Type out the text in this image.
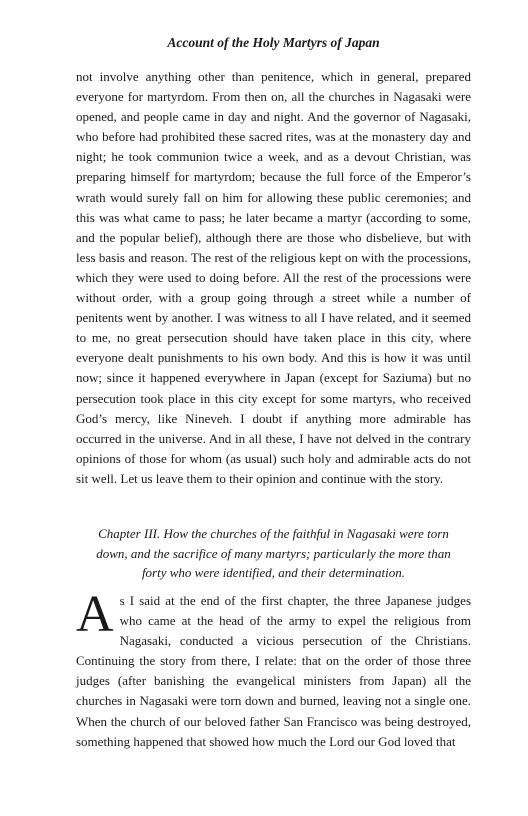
Account of the Holy Martyrs of Japan

not involve anything other than penitence, which in general, prepared everyone for martyrdom. From then on, all the churches in Nagasaki were opened, and people came in day and night. And the governor of Nagasaki, who before had prohibited these sacred rites, was at the monastery day and night; he took communion twice a week, and as a devout Christian, was preparing himself for martyrdom; because the full force of the Emperor’s wrath would surely fall on him for allowing these public ceremonies; and this was what came to pass; he later became a martyr (according to some, and the popular belief), although there are those who disbelieve, but with less basis and reason. The rest of the religious kept on with the processions, which they were used to doing before. All the rest of the processions were without order, with a group going through a street while a number of penitents went by another. I was witness to all I have related, and it seemed to me, no great persecution should have taken place in this city, where everyone dealt punishments to his own body. And this is how it was until now; since it happened everywhere in Japan (except for Saziuma) but no persecution took place in this city except for some martyrs, who received God’s mercy, like Nineveh. I doubt if anything more admirable has occurred in the universe. And in all these, I have not delved in the contrary opinions of those for whom (as usual) such holy and admirable acts do not sit well. Let us leave them to their opinion and continue with the story.

Chapter III. How the churches of the faithful in Nagasaki were torn down, and the sacrifice of many martyrs; particularly the more than forty who were identified, and their determination.

As I said at the end of the first chapter, the three Japanese judges who came at the head of the army to expel the religious from Nagasaki, conducted a vicious persecution of the Christians. Continuing the story from there, I relate: that on the order of those three judges (after banishing the evangelical ministers from Japan) all the churches in Nagasaki were torn down and burned, leaving not a single one. When the church of our beloved father San Francisco was being destroyed, something happened that showed how much the Lord our God loved that
